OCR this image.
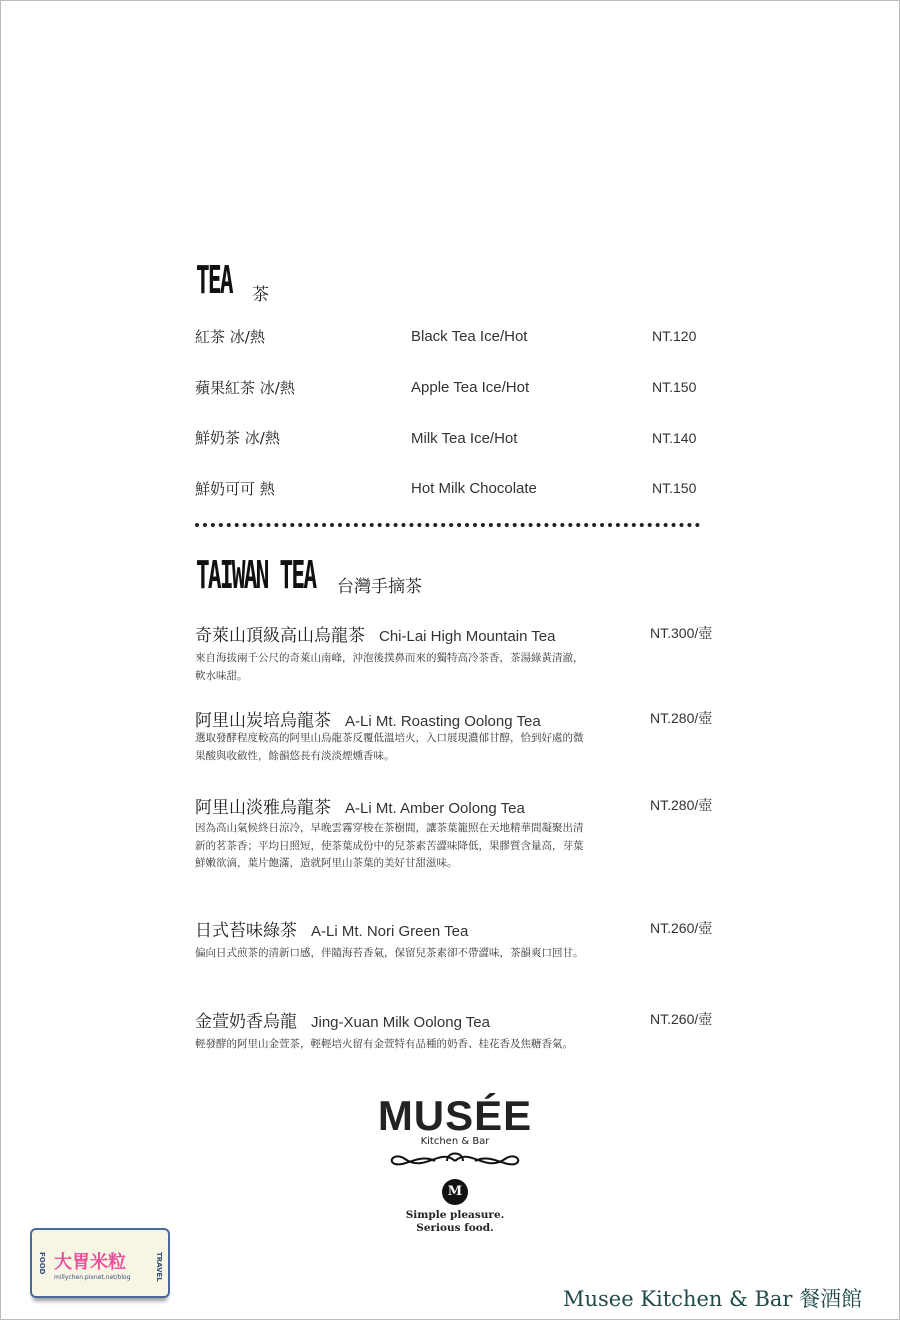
TEA 茶
紅茶 冰/熱	Black Tea Ice/Hot	NT.120
蘋果紅茶 冰/熱	Apple Tea Ice/Hot	NT.150
鮮奶茶 冰/熱	Milk Tea Ice/Hot	NT.140
鮮奶可可 熱	Hot Milk Chocolate	NT.150
TAIWAN TEA 台灣手摘茶
奇萊山頂級高山烏龍茶 Chi-Lai High Mountain Tea	NT.300/壺
來自海拔兩千公尺的奇萊山南峰，沖泡後撲鼻而來的獨特高冷茶香，茶湯綠黃清澈，軟水味甜。
阿里山炭培烏龍茶 A-Li Mt. Roasting Oolong Tea	NT.280/壺
選取發酵程度較高的阿里山烏龍茶反覆低溫培火，入口展現濃郁甘醇，恰到好處的微果酸與收斂性，餘韻悠長有淡淡煙燻香味。
阿里山淡雅烏龍茶 A-Li Mt. Amber Oolong Tea	NT.280/壺
因為高山氣候終日涼冷，早晚雲霧穿梭在茶樹間，讓茶葉籠照在天地精華間凝聚出清新的茗茶香；平均日照短，使茶葉成份中的兒茶素苦澀味降低，果膠質含量高，芽葉鮮嫩欲滴，葉片飽滿，造就阿里山茶葉的美好甘甜滋味。
日式苔味綠茶 A-Li Mt. Nori Green Tea	NT.260/壺
偏向日式煎茶的清新口感，伴隨海苔香氣，保留兒茶素卻不帶澀味，茶韻爽口回甘。
金萱奶香烏龍 Jing-Xuan Milk Oolong Tea	NT.260/壺
輕發酵的阿里山金萱茶，輕輕培火留有金萱特有品種的奶香、桂花香及焦糖香氣。
MUSÉE
Kitchen & Bar
M
Simple pleasure.
Serious food.
FOOD 大胃米粒
millychen.pixnet.net/blog	TRAVEL
Musee Kitchen & Bar 餐酒館
